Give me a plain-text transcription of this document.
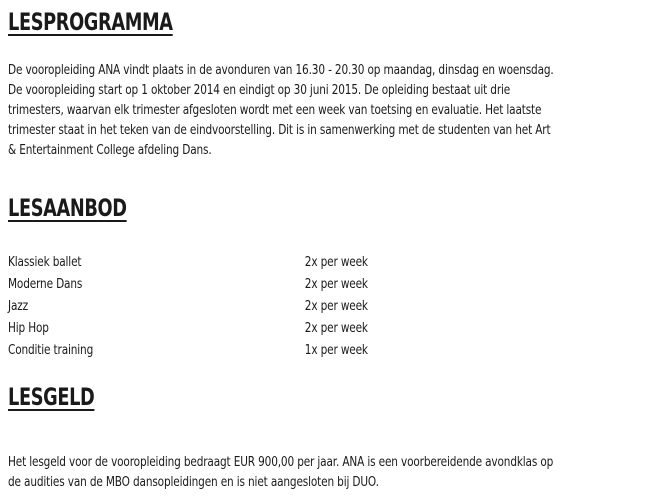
LESPROGRAMMA

De vooropleiding ANA vindt plaats in de avonduren van 16.30 - 20.30 op maandag, dinsdag en woensdag.
De vooropleiding start op 1 oktober 2014 en eindigt op 30 juni 2015. De opleiding bestaat uit drie
trimesters, waarvan elk trimester afgesloten wordt met een week van toetsing en evaluatie. Het laatste
trimester staat in het teken van de eindvoorstelling. Dit is in samenwerking met de studenten van het Art
& Entertainment College afdeling Dans.

LESAANBOD
Klassiek ballet	2x per week
Moderne Dans	2x per week
Jazz	2x per week
Hip Hop	2x per week
Conditie training	1x per week
LESGELD

Het lesgeld voor de vooropleiding bedraagt EUR 900,00 per jaar. ANA is een voorbereidende avondklas op
de audities van de MBO dansopleidingen en is niet aangesloten bij DUO.
